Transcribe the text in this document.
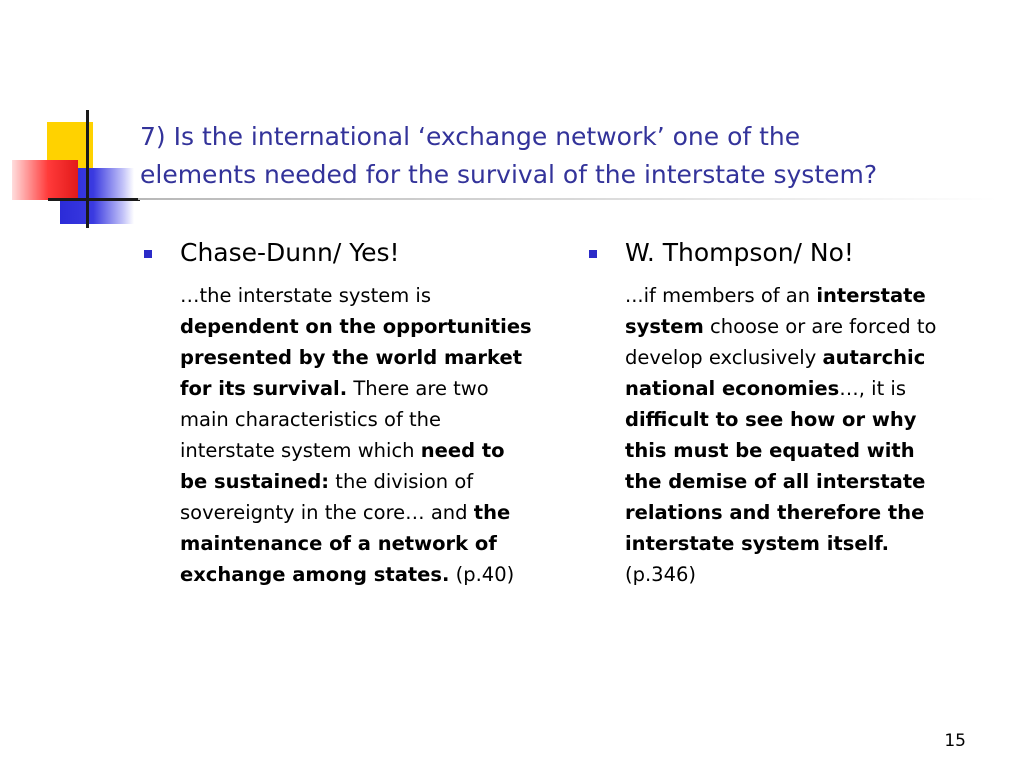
7) Is the international ‘exchange network’ one of the
elements needed for the survival of the interstate system?
Chase-Dunn/ Yes!
…the interstate system is dependent on the opportunities presented by the world market for its survival. There are two main characteristics of the interstate system which need to be sustained: the division of sovereignty in the core… and the maintenance of a network of exchange among states. (p.40)
W. Thompson/ No!
...if members of an interstate system choose or are forced to develop exclusively autarchic national economies…, it is difficult to see how or why this must be equated with the demise of all interstate relations and therefore the interstate system itself. (p.346)
15
